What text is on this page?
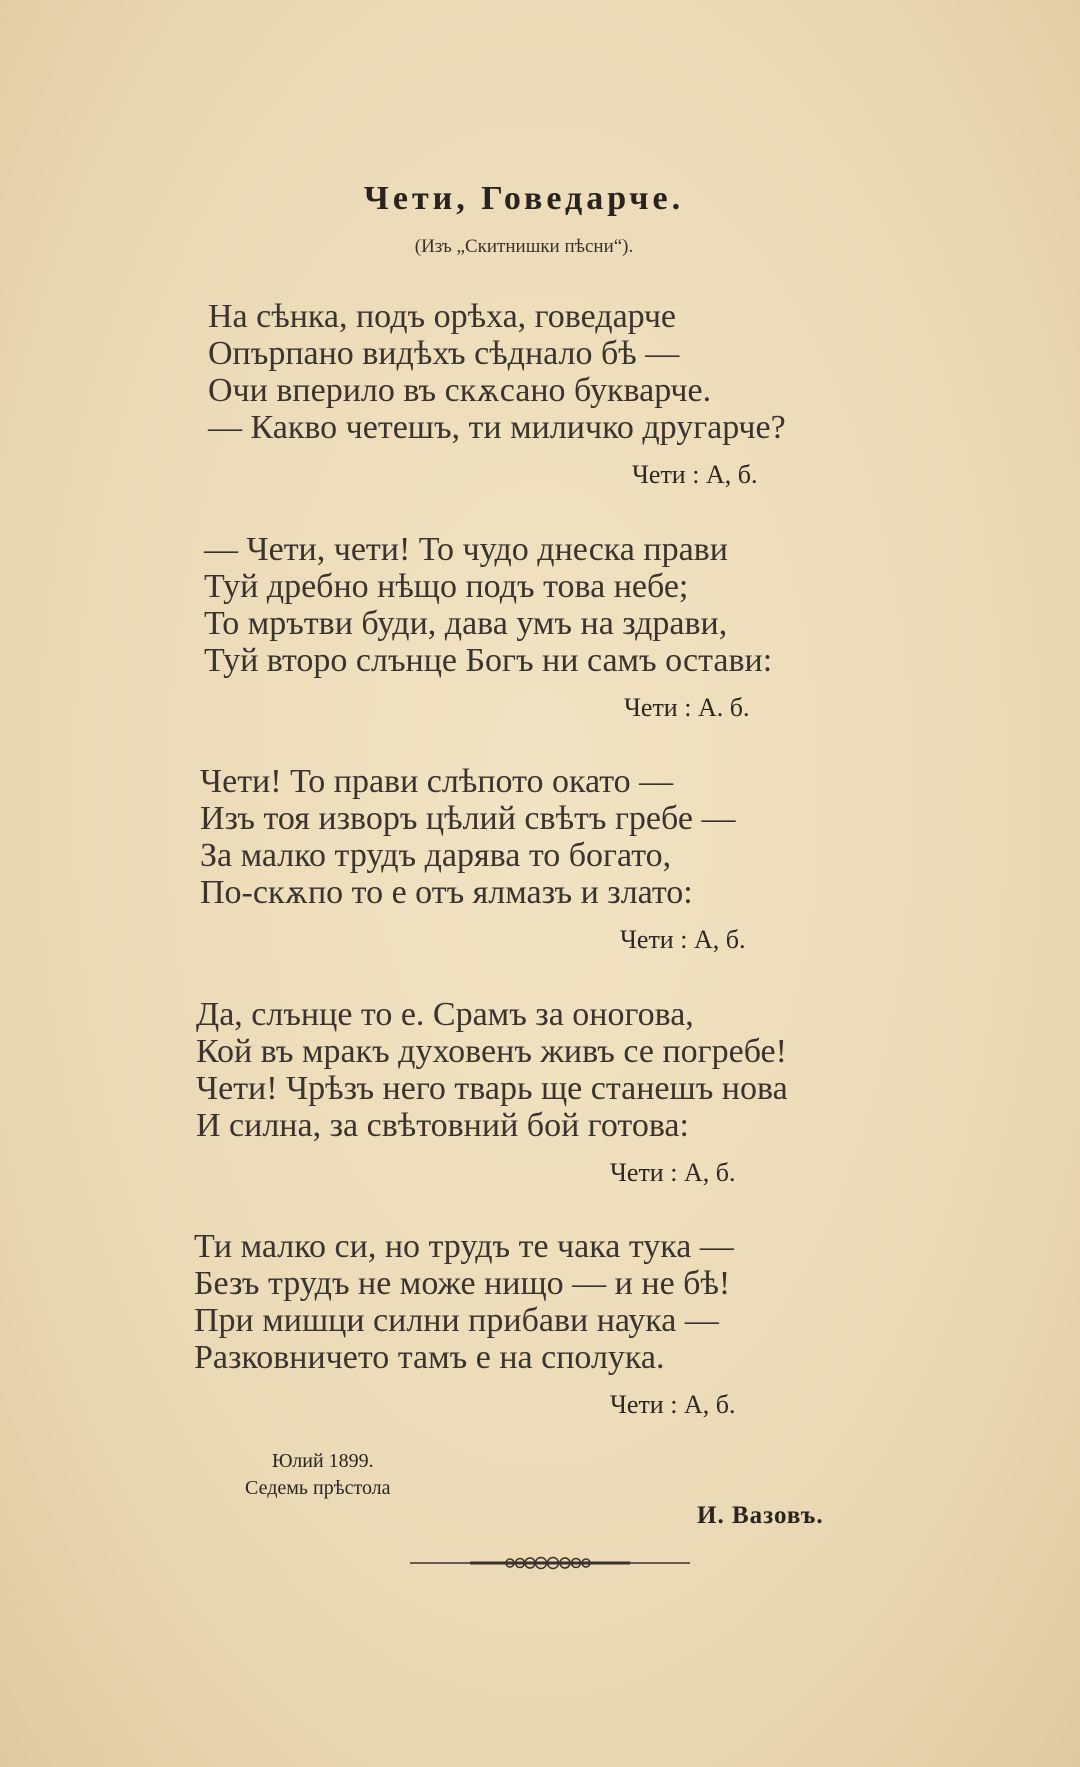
Чети, Говедарче.
(Изъ „Скитнишки пѣсни“).
На сѣнка, подъ орѣха, говедарче
Опърпано видѣхъ сѣднало бѣ —
Очи вперило въ скѫсано букварче.
— Какво четешъ, ти миличко другарче?
Чети : А, б.
— Чети, чети! То чудо днеска прави
Туй дребно нѣщо подъ това небе;
То мрътви буди, дава умъ на здрави,
Туй второ слънце Богъ ни самъ остави:
Чети : А. б.
Чети! То прави слѣпото окато —
Изъ тоя изворъ цѣлий свѣтъ гребе —
За малко трудъ дарява то богато,
По-скѫпо то е отъ ялмазъ и злато:
Чети : А, б.
Да, слънце то е. Срамъ за оногова,
Кой въ мракъ духовенъ живъ се погребе!
Чети! Чрѣзъ него тварь ще станешъ нова
И силна, за свѣтовний бой готова:
Чети : А, б.
Ти малко си, но трудъ те чака тука —
Безъ трудъ не може нищо — и не бѣ!
При мишци силни прибави наука —
Разковничето тамъ е на сполука.
Чети : А, б.
Юлий 1899.
Седемь прѣстола
И. Вазовъ.
